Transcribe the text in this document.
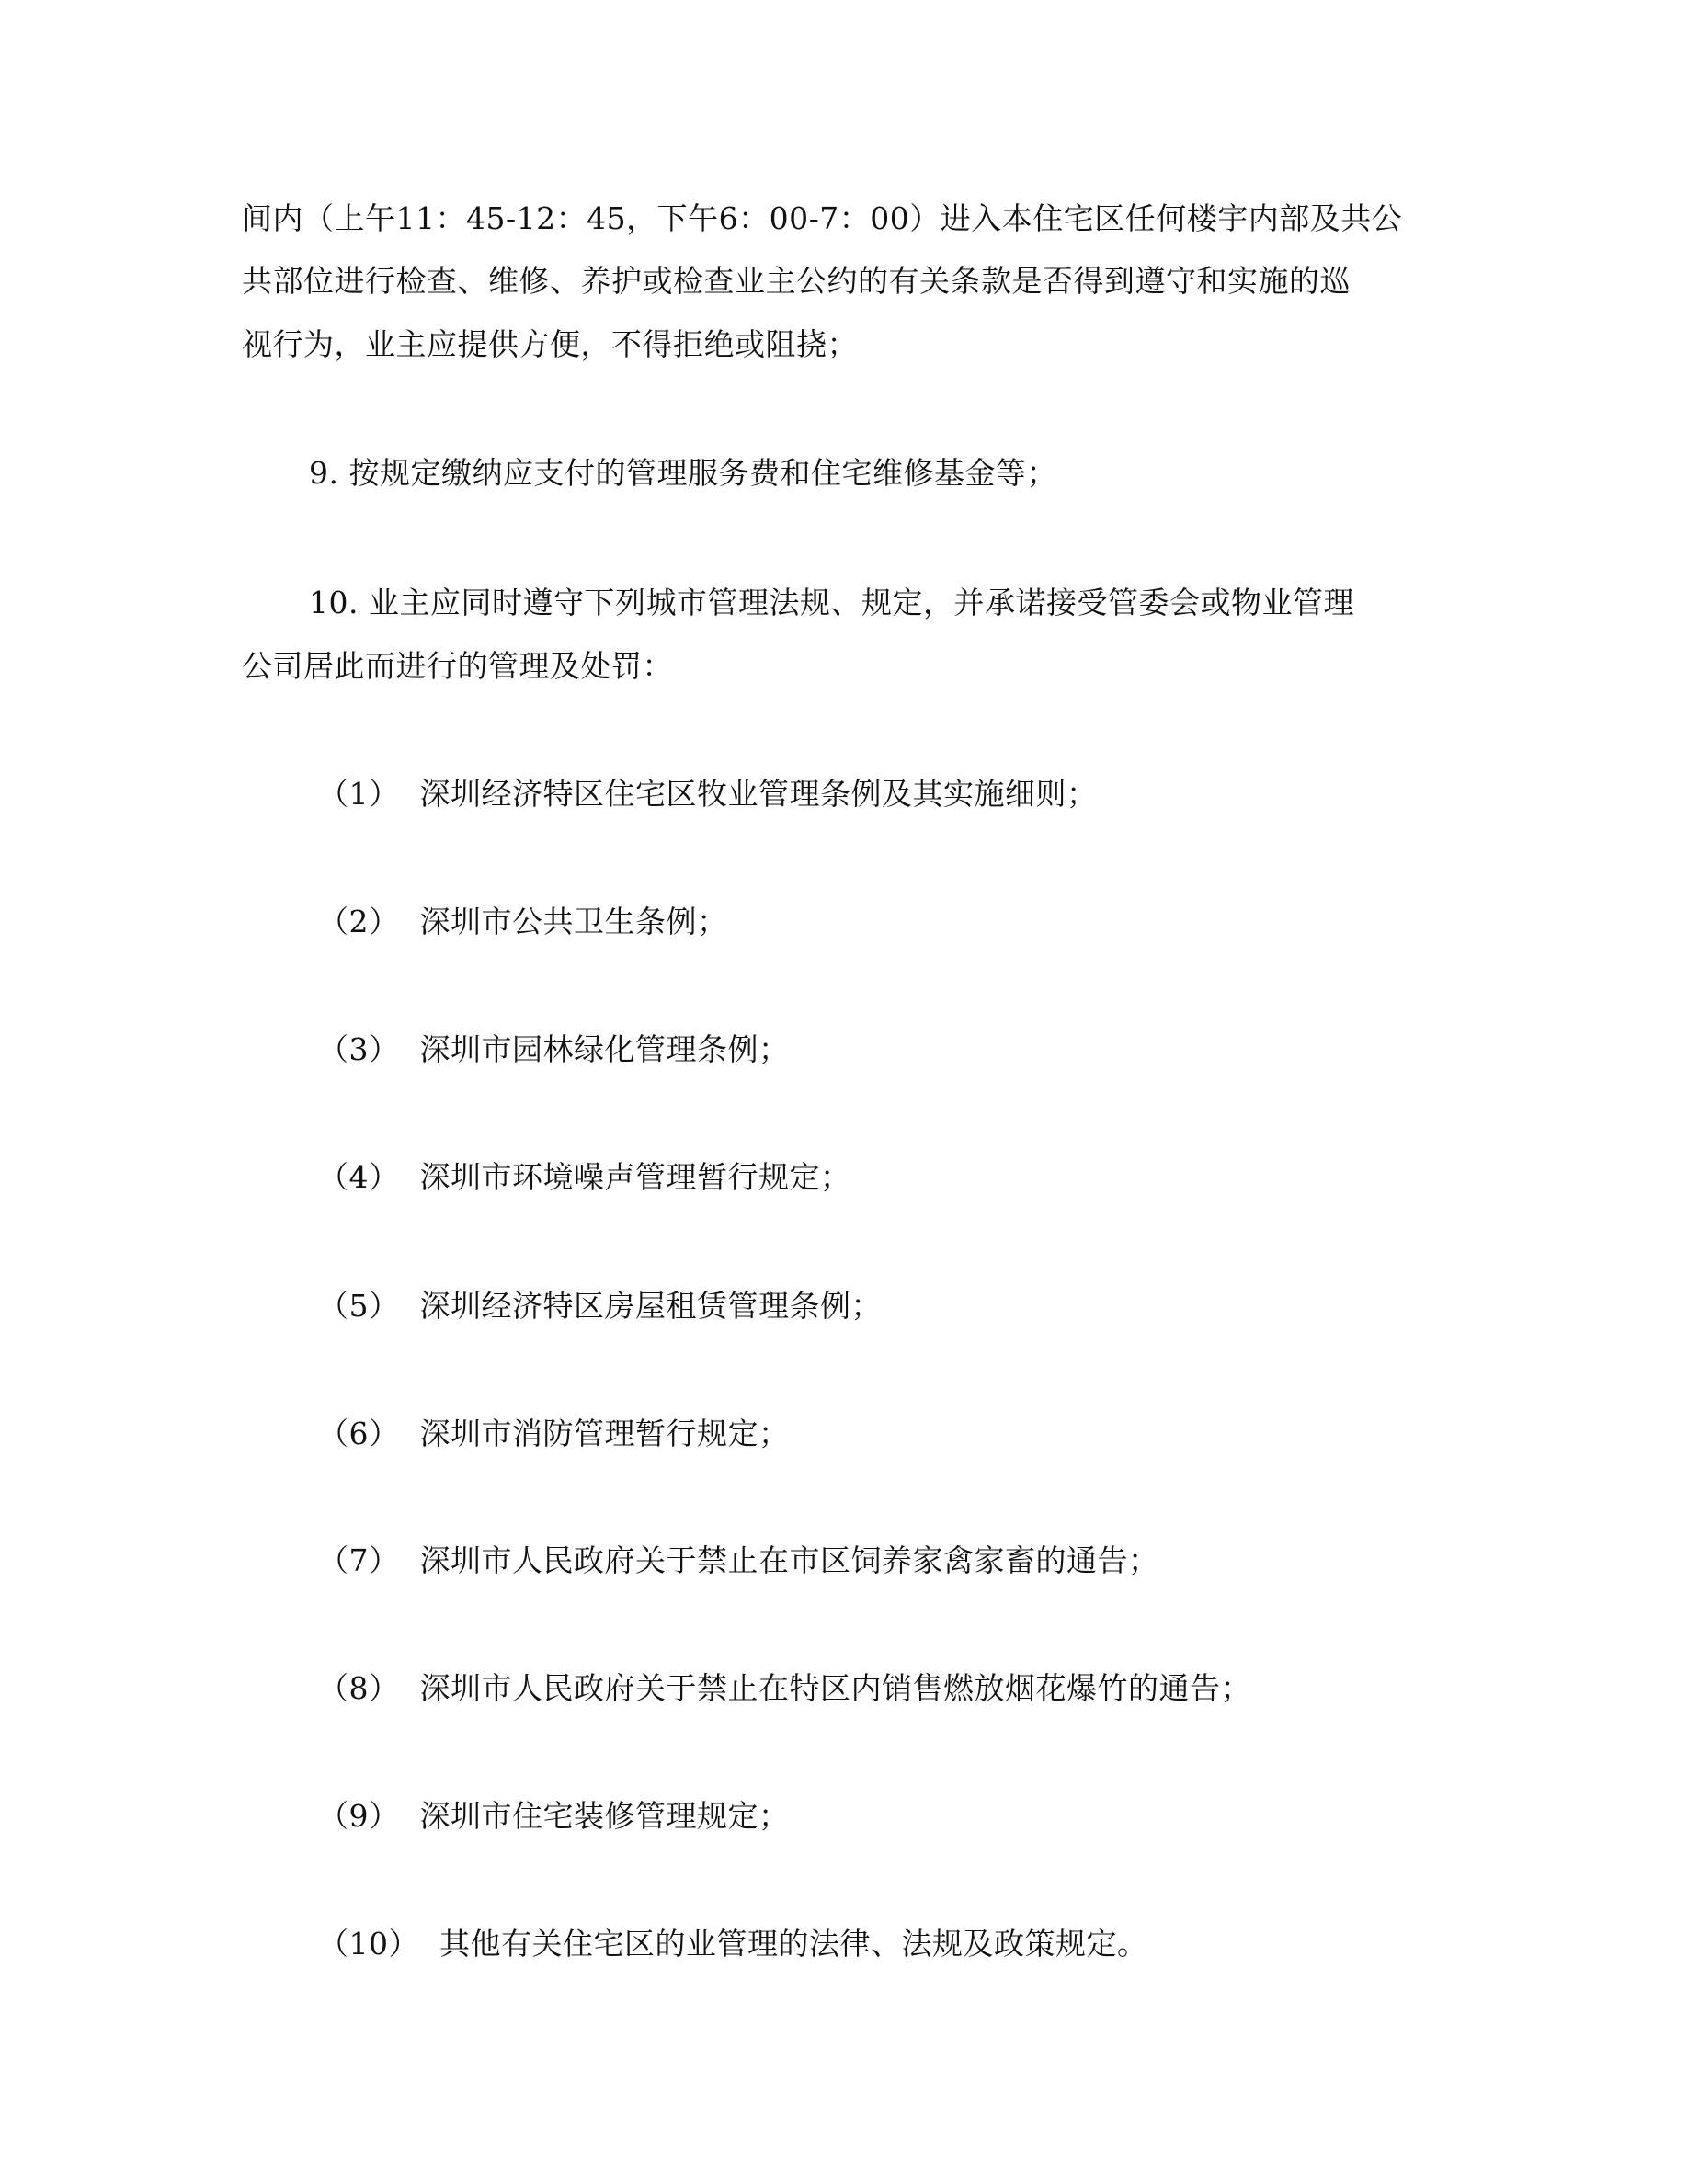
间内（上午11：45-12：45，下午6：00-7：00）进入本住宅区任何楼宇内部及共公
共部位进行检查、维修、养护或检查业主公约的有关条款是否得到遵守和实施的巡
视行为，业主应提供方便，不得拒绝或阻挠；
9. 按规定缴纳应支付的管理服务费和住宅维修基金等；
10. 业主应同时遵守下列城市管理法规、规定，并承诺接受管委会或物业管理
公司居此而进行的管理及处罚：
（1） 深圳经济特区住宅区牧业管理条例及其实施细则；
（2） 深圳市公共卫生条例；
（3） 深圳市园林绿化管理条例；
（4） 深圳市环境噪声管理暂行规定；
（5） 深圳经济特区房屋租赁管理条例；
（6） 深圳市消防管理暂行规定；
（7） 深圳市人民政府关于禁止在市区饲养家禽家畜的通告；
（8） 深圳市人民政府关于禁止在特区内销售燃放烟花爆竹的通告；
（9） 深圳市住宅装修管理规定；
（10） 其他有关住宅区的业管理的法律、法规及政策规定。
